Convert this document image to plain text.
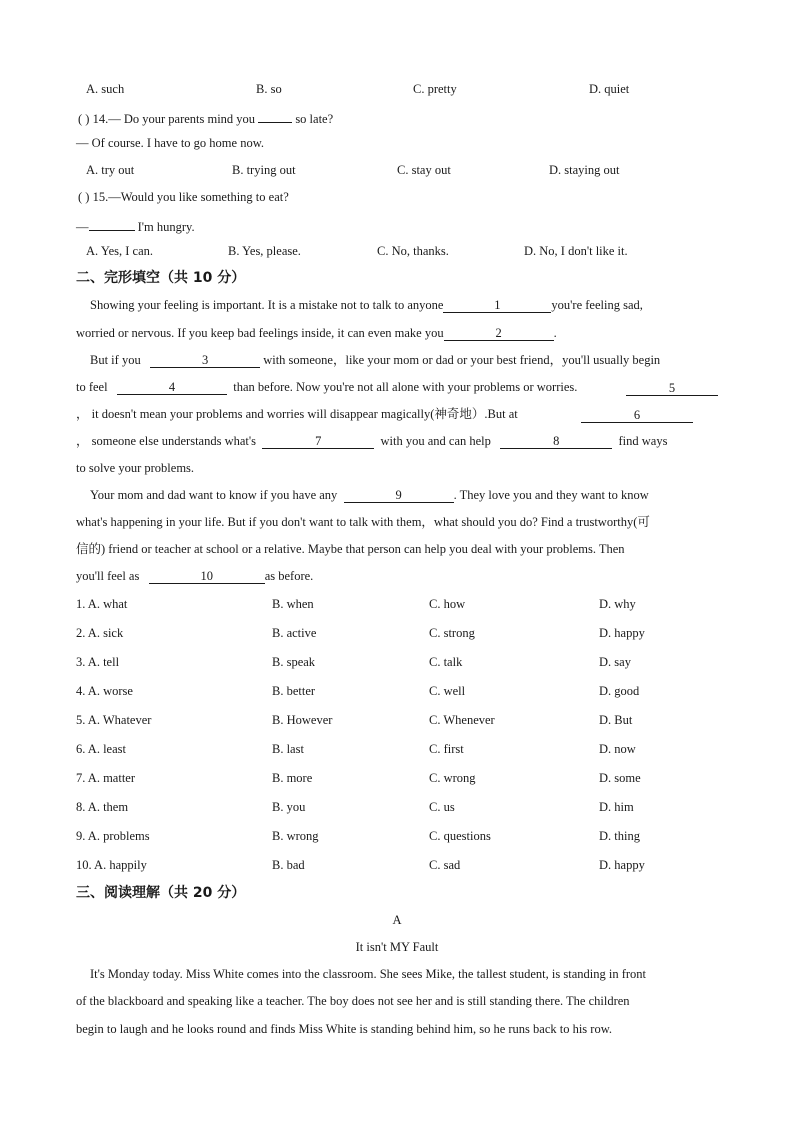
A. such	B. so	C. pretty	D. quiet
( ) 14.— Do your parents mind you	so late?
— Of course. I have to go home now.
A. try out	B. trying out	C. stay out	D. staying out
( ) 15.—Would you like something to eat?
—	I'm hungry.
A. Yes, I can.	B. Yes, please.	C. No, thanks.	D. No, I don't like it.
二、完形填空（共 10 分）
Showing your feeling is important. It is a mistake not to talk to anyone	1	you're feeling sad,
worried or nervous. If you keep bad feelings inside, it can even make you	2	.
But if you	3	with someone，like your mom or dad or your best friend，you'll usually begin
to feel	4	than before. Now you're not all alone with your problems or worries.	5
， it doesn't mean your problems and worries will disappear magically(神奇地）.But at	6
， someone else understands what's	7	with you and can help	8	find ways
to solve your problems.
Your mom and dad want to know if you have any	9	. They love you and they want to know
what's happening in your life. But if you don't want to talk with them，what should you do? Find a trustworthy(可
信的) friend or teacher at school or a relative. Maybe that person can help you deal with your problems. Then
you'll feel as	10	as before.
1. A. what	B. when	C. how	D. why
2. A. sick	B. active	C. strong	D. happy
3. A. tell	B. speak	C. talk	D. say
4. A. worse	B. better	C. well	D. good
5. A. Whatever	B. However	C. Whenever	D. But
6. A. least	B. last	C. first	D. now
7. A. matter	B. more	C. wrong	D. some
8. A. them	B. you	C. us	D. him
9. A. problems	B. wrong	C. questions	D. thing
10. A. happily	B. bad	C. sad	D. happy
三、阅读理解（共 20 分）
A
It isn't MY Fault
It's Monday today. Miss White comes into the classroom. She sees Mike, the tallest student, is standing in front
of the blackboard and speaking like a teacher. The boy does not see her and is still standing there. The children
begin to laugh and he looks round and finds Miss White is standing behind him, so he runs back to his row.
